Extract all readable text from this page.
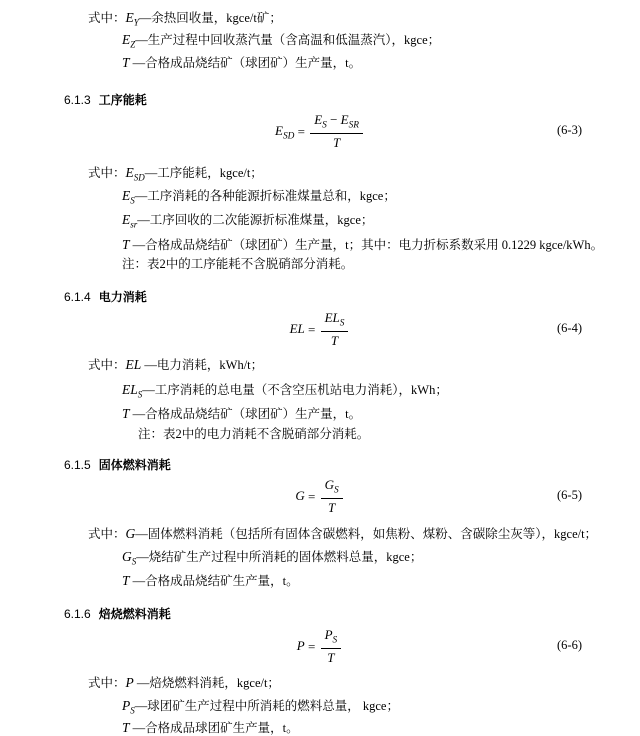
式中：$E_Y—$余热回收量，kgce/t矿；
$E_Z—$生产过程中回收蒸汽量（含高温和低温蒸汽），kgce；
T —合格成品烧结矿（球团矿）生产量，t。
6.1.3 工序能耗
$E_{SD} = \frac{E_S - E_{SR}}{T}$	(6-3)
式中：$E_{SD}—$工序能耗，kgce/t；
$E_S—$工序消耗的各种能源折标准煤量总和，kgce；
$E_{sr}—$工序回收的二次能源折标准煤量，kgce；
T —合格成品烧结矿（球团矿）生产量，t；其中：电力折标系数采用 0.1229 kgce/kWh。
注：表2中的工序能耗不含脱硝部分消耗。
6.1.4 电力消耗
EL = $\frac{EL_S}{T}$	(6-4)
式中：EL —电力消耗，kWh/t；
$EL_S—$工序消耗的总电量（不含空压机站电力消耗），kWh；
T —合格成品烧结矿（球团矿）生产量，t。
注：表2中的电力消耗不含脱硝部分消耗。
6.1.5 固体燃料消耗
$G = \frac{G_S}{T}$	(6-5)
式中：G—固体燃料消耗（包括所有固体含碳燃料，如焦粉、煤粉、含碳除尘灰等），kgce/t；
$G_S—$烧结矿生产过程中所消耗的固体燃料总量，kgce；
T —合格成品烧结矿生产量，t。
6.1.6 焙烧燃料消耗
$P = \frac{P_S}{T}$	(6-6)
式中：P —焙烧燃料消耗，kgce/t；
$P_S—$球团矿生产过程中所消耗的燃料总量， kgce；
T —合格成品球团矿生产量，t。
